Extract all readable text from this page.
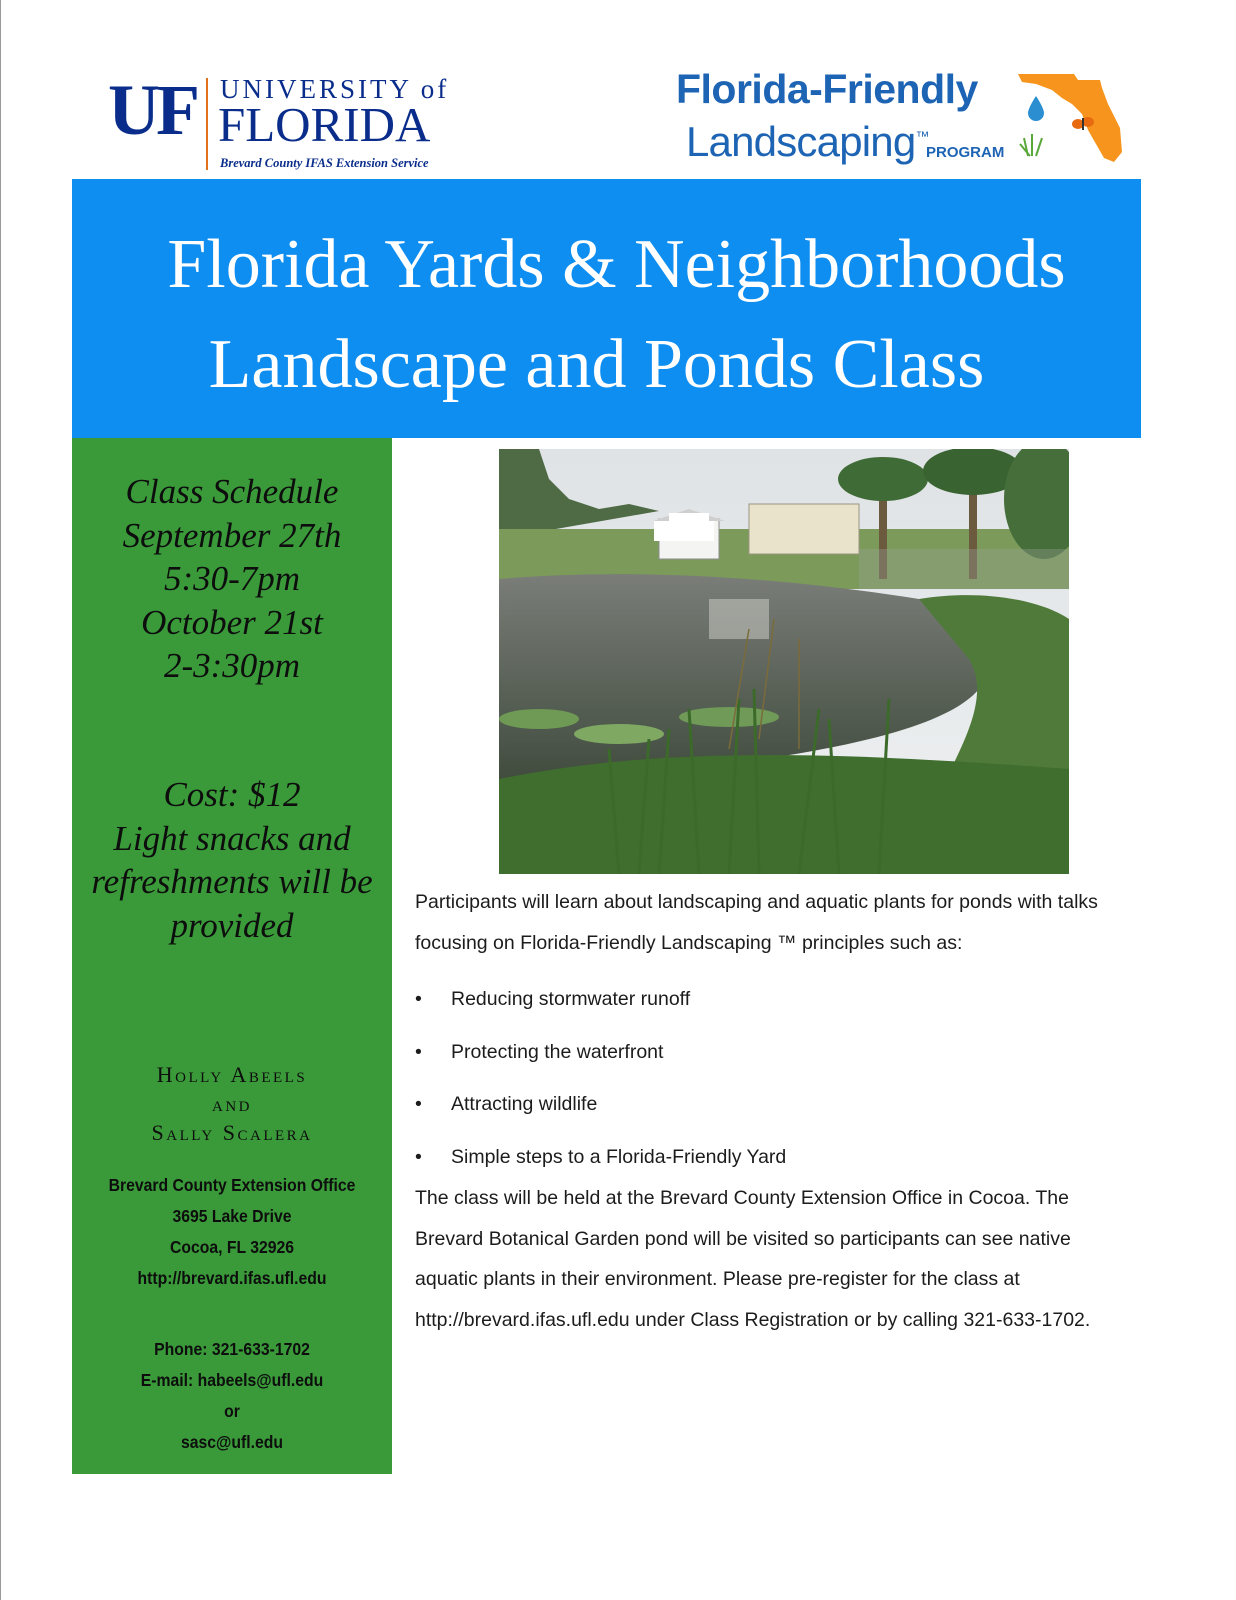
UF UNIVERSITY of
FLORIDA
Brevard County IFAS Extension Service
Florida-Friendly
Landscaping™
PROGRAM
Florida Yards & Neighborhoods
Landscape and Ponds Class
Class Schedule
September 27th
5:30-7pm
October 21st
2-3:30pm
Cost: $12
Light snacks and
refreshments will be
provided
Holly Abeels
and
Sally Scalera
Brevard County Extension Office
3695 Lake Drive
Cocoa, FL 32926
http://brevard.ifas.ufl.edu
Phone: 321-633-1702
E-mail: habeels@ufl.edu
or
sasc@ufl.edu

Participants will learn about landscaping and aquatic plants for ponds with talks focusing on Florida-Friendly Landscaping ™ principles such as:

•	Reducing stormwater runoff
•	Protecting the waterfront
•	Attracting wildlife
•	Simple steps to a Florida-Friendly Yard

The class will be held at the Brevard County Extension Office in Cocoa. The Brevard Botanical Garden pond will be visited so participants can see native aquatic plants in their environment. Please pre-register for the class at http://brevard.ifas.ufl.edu under Class Registration or by calling 321-633-1702.
